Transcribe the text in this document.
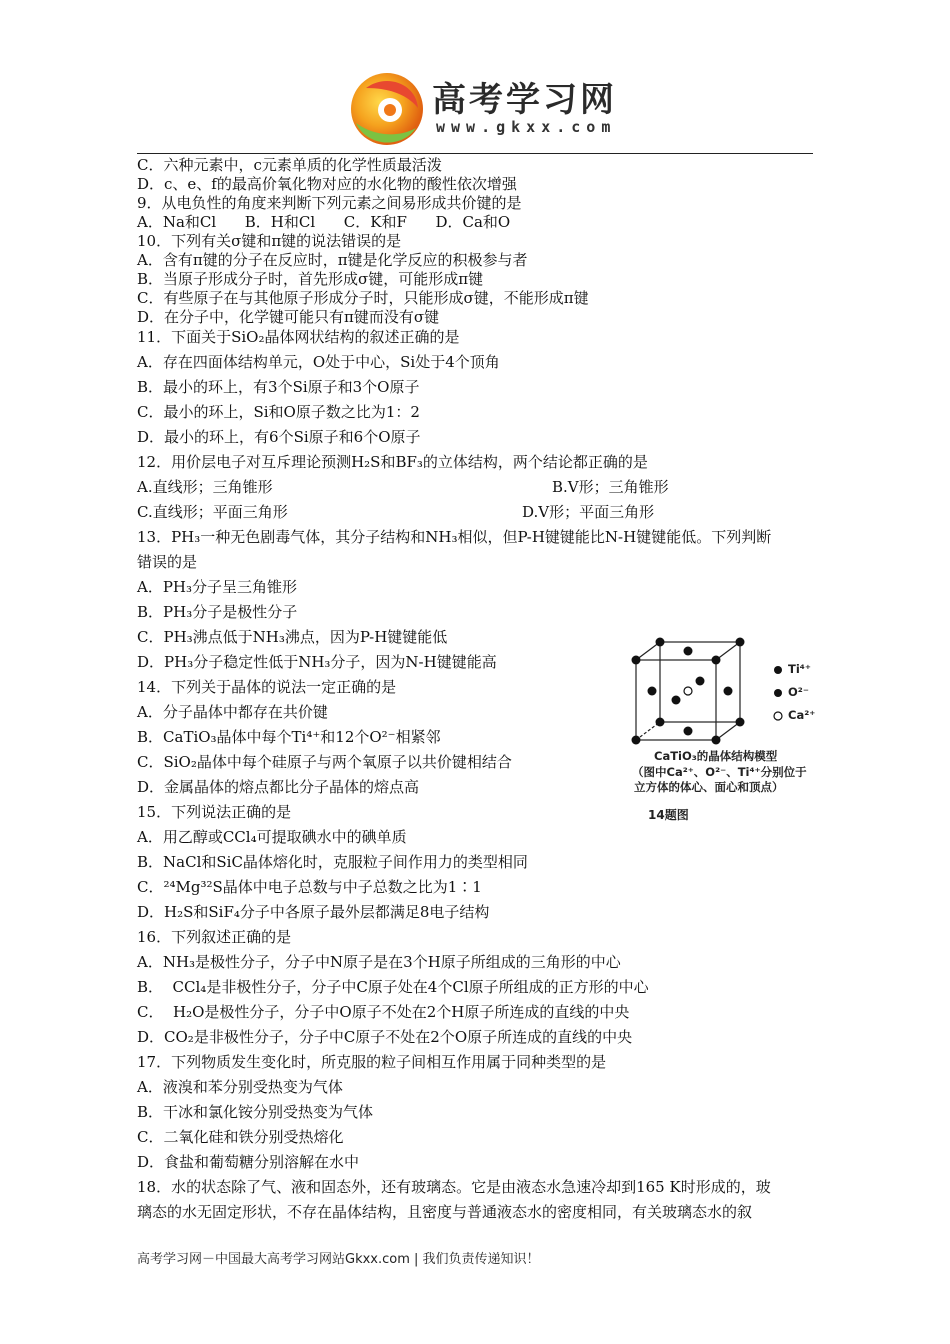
高考学习网
www.gkxx.com
C．六种元素中，c元素单质的化学性质最活泼
D．c、e、f的最高价氧化物对应的水化物的酸性依次增强
9．从电负性的角度来判断下列元素之间易形成共价键的是
A．Na和Cl      B．H和Cl      C．K和F      D．Ca和O
10．下列有关σ键和π键的说法错误的是
A．含有π键的分子在反应时，π键是化学反应的积极参与者
B．当原子形成分子时，首先形成σ键，可能形成π键
C．有些原子在与其他原子形成分子时，只能形成σ键，不能形成π键
D．在分子中，化学键可能只有π键而没有σ键
11．下面关于SiO₂晶体网状结构的叙述正确的是
A．存在四面体结构单元，O处于中心，Si处于4个顶角
B．最小的环上，有3个Si原子和3个O原子
C．最小的环上，Si和O原子数之比为1：2
D．最小的环上，有6个Si原子和6个O原子
12．用价层电子对互斥理论预测H₂S和BF₃的立体结构，两个结论都正确的是
A.直线形；三角锥形	B.V形；三角锥形
C.直线形；平面三角形	D.V形；平面三角形
13．PH₃一种无色剧毒气体，其分子结构和NH₃相似，但P-H键键能比N-H键键能低。下列判断
错误的是
A．PH₃分子呈三角锥形
B．PH₃分子是极性分子
C．PH₃沸点低于NH₃沸点，因为P-H键键能低
D．PH₃分子稳定性低于NH₃分子，因为N-H键键能高
14．下列关于晶体的说法一定正确的是
A．分子晶体中都存在共价键
B．CaTiO₃晶体中每个Ti⁴⁺和12个O²⁻相紧邻
C．SiO₂晶体中每个硅原子与两个氧原子以共价键相结合
D．金属晶体的熔点都比分子晶体的熔点高
15．下列说法正确的是
A．用乙醇或CCl₄可提取碘水中的碘单质
B．NaCl和SiC晶体熔化时，克服粒子间作用力的类型相同
C．²⁴Mg³²S晶体中电子总数与中子总数之比为1∶1
D．H₂S和SiF₄分子中各原子最外层都满足8电子结构
16．下列叙述正确的是
A．NH₃是极性分子，分子中N原子是在3个H原子所组成的三角形的中心
B．  CCl₄是非极性分子，分子中C原子处在4个Cl原子所组成的正方形的中心
C．  H₂O是极性分子，分子中O原子不处在2个H原子所连成的直线的中央
D．CO₂是非极性分子，分子中C原子不处在2个O原子所连成的直线的中央
17．下列物质发生变化时，所克服的粒子间相互作用属于同种类型的是
A．液溴和苯分别受热变为气体
B．干冰和氯化铵分别受热变为气体
C．二氧化硅和铁分别受热熔化
D．食盐和葡萄糖分别溶解在水中
18．水的状态除了气、液和固态外，还有玻璃态。它是由液态水急速冷却到165 K时形成的，玻
璃态的水无固定形状，不存在晶体结构，且密度与普通液态水的密度相同，有关玻璃态水的叙
Ti⁴⁺
O²⁻
Ca²⁺
CaTiO₃的晶体结构模型
（图中Ca²⁺、O²⁻、Ti⁴⁺分别位于
立方体的体心、面心和顶点）
14题图
高考学习网－中国最大高考学习网站Gkxx.com | 我们负责传递知识！
